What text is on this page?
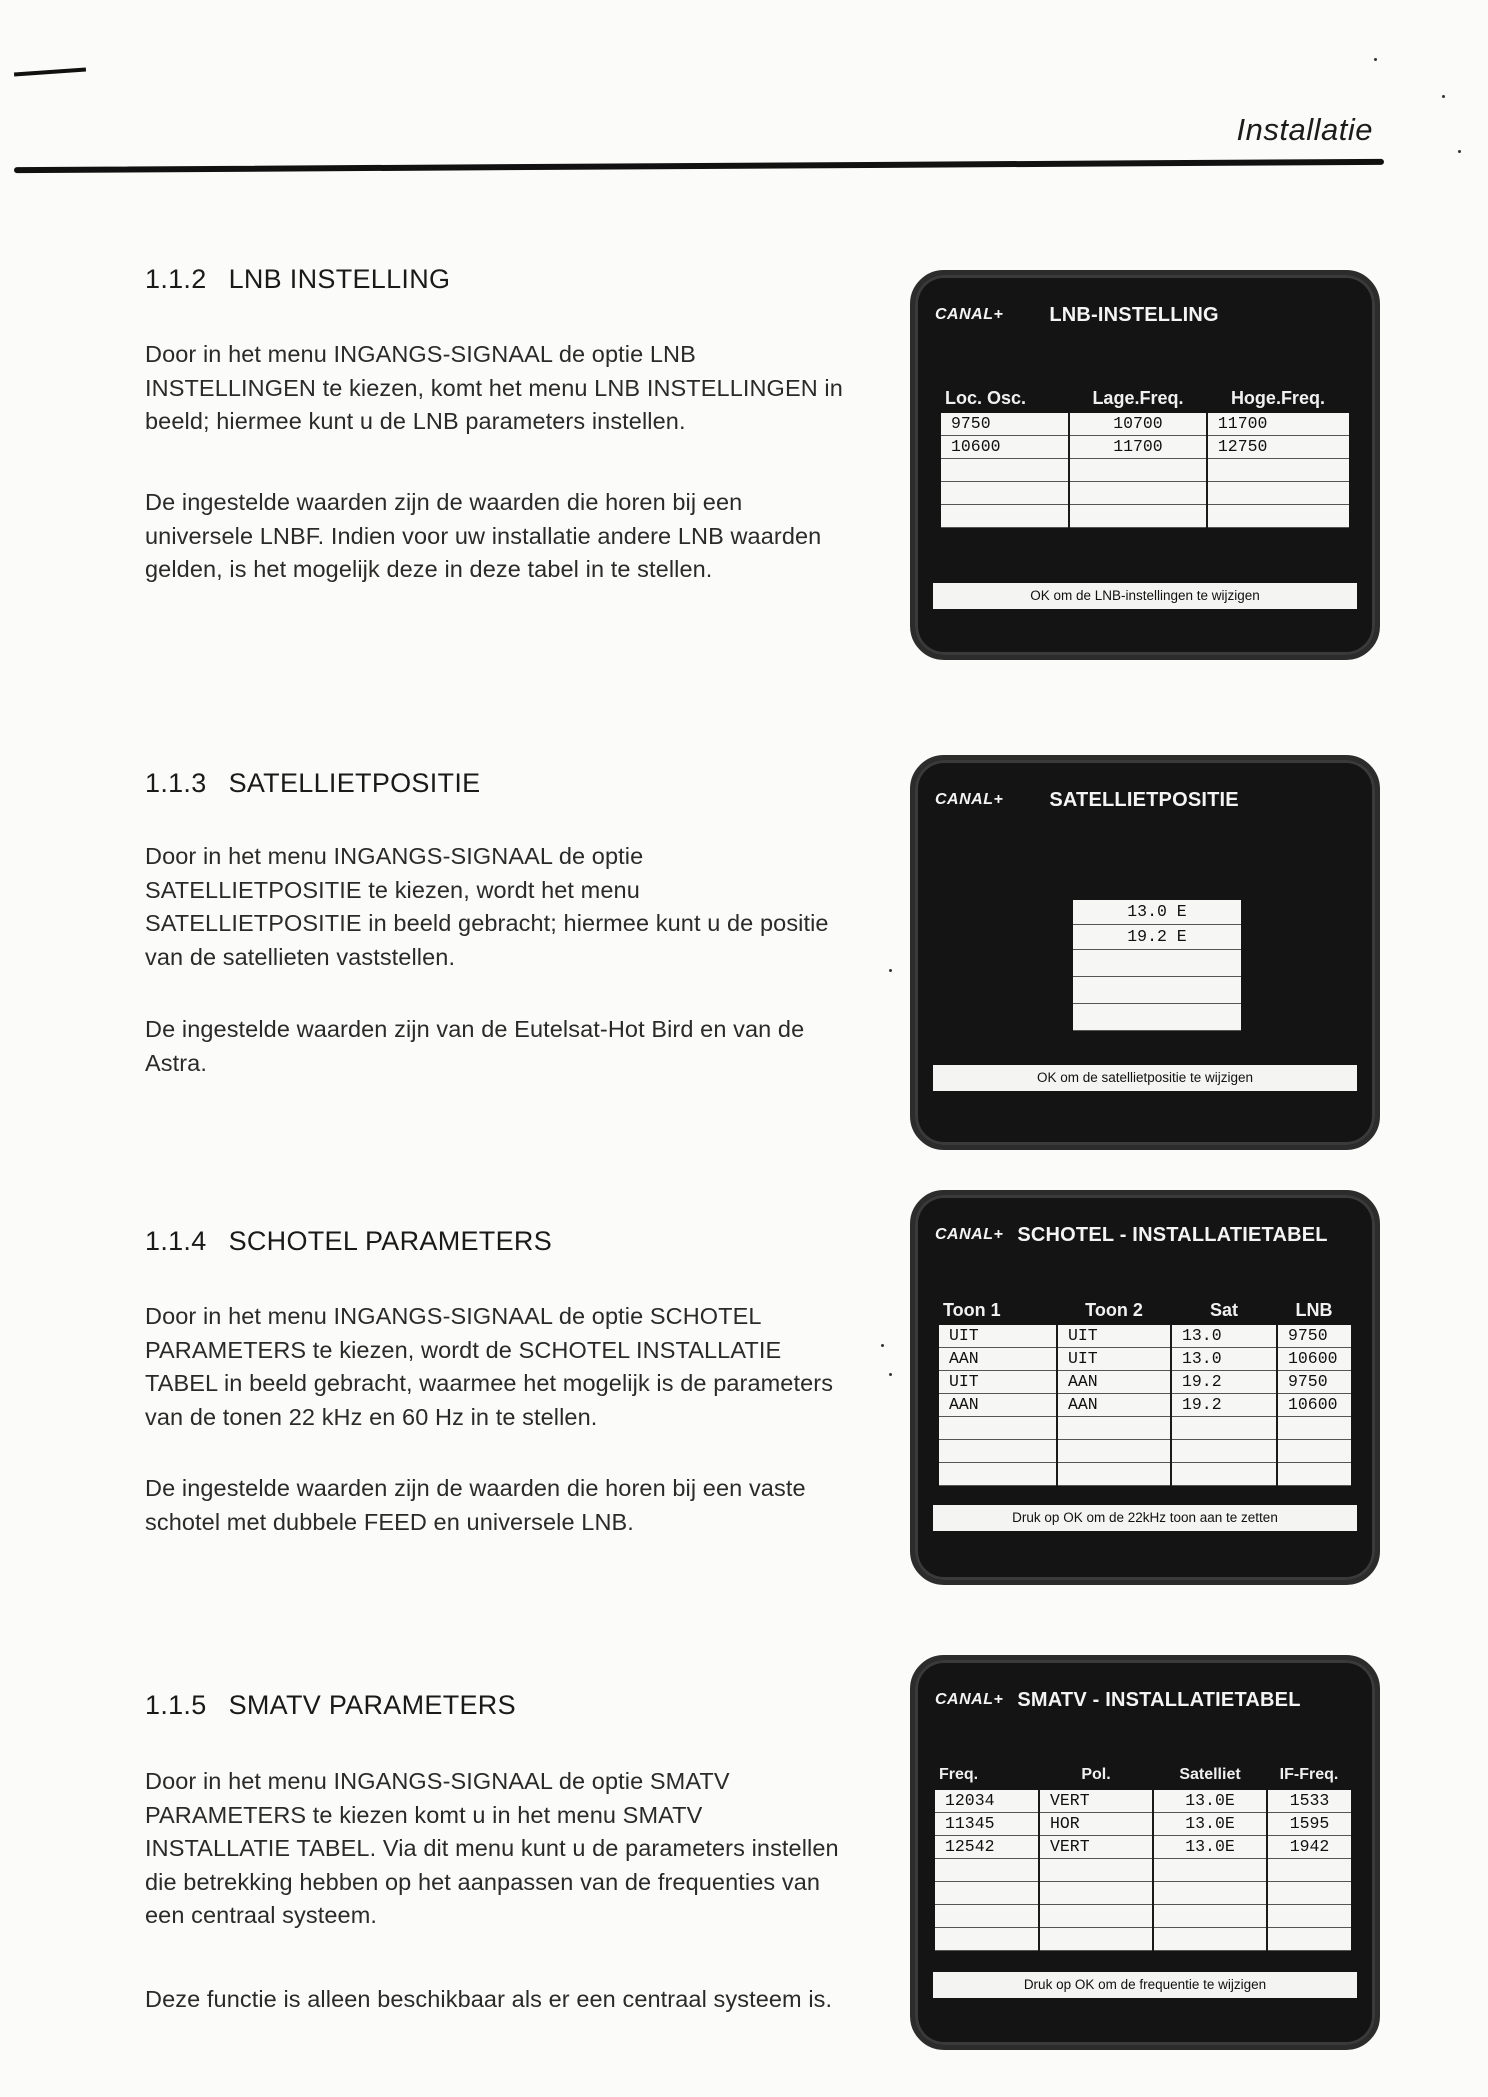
Installatie
1.1.2 LNB INSTELLING

Door in het menu INGANGS-SIGNAAL de optie LNB INSTELLINGEN te kiezen, komt het menu LNB INSTELLINGEN in beeld; hiermee kunt u de LNB parameters instellen.

De ingestelde waarden zijn de waarden die horen bij een universele LNBF. Indien voor uw installatie andere LNB waarden gelden, is het mogelijk deze in deze tabel in te stellen.

CANAL+ LNB-INSTELLING
Loc. Osc.	Lage.Freq.	Hoge.Freq.
9750	10700	11700
10600	11700	12750

OK om de LNB-instellingen te wijzigen
1.1.3 SATELLIETPOSITIE

Door in het menu INGANGS-SIGNAAL de optie SATELLIETPOSITIE te kiezen, wordt het menu SATELLIETPOSITIE in beeld gebracht; hiermee kunt u de positie van de satellieten vaststellen.

De ingestelde waarden zijn van de Eutelsat-Hot Bird en van de Astra.

CANAL+ SATELLIETPOSITIE
13.0 E
19.2 E

OK om de satellietpositie te wijzigen
1.1.4 SCHOTEL PARAMETERS

Door in het menu INGANGS-SIGNAAL de optie SCHOTEL PARAMETERS te kiezen, wordt de SCHOTEL INSTALLATIE TABEL in beeld gebracht, waarmee het mogelijk is de parameters van de tonen 22 kHz en 60 Hz in te stellen.

De ingestelde waarden zijn de waarden die horen bij een vaste schotel met dubbele FEED en universele LNB.

CANAL+ SCHOTEL - INSTALLATIETABEL
Toon 1	Toon 2	Sat	LNB
UIT	UIT	13.0	9750
AAN	UIT	13.0	10600
UIT	AAN	19.2	9750
AAN	AAN	19.2	10600

Druk op OK om de 22kHz toon aan te zetten
1.1.5 SMATV PARAMETERS

Door in het menu INGANGS-SIGNAAL de optie SMATV PARAMETERS te kiezen komt u in het menu SMATV INSTALLATIE TABEL. Via dit menu kunt u de parameters instellen die betrekking hebben op het aanpassen van de frequenties van een centraal systeem.

Deze functie is alleen beschikbaar als er een centraal systeem is.

CANAL+ SMATV - INSTALLATIETABEL
Freq.	Pol.	Satelliet	IF-Freq.
12034	VERT	13.0E	1533
11345	HOR	13.0E	1595
12542	VERT	13.0E	1942

Druk op OK om de frequentie te wijzigen
